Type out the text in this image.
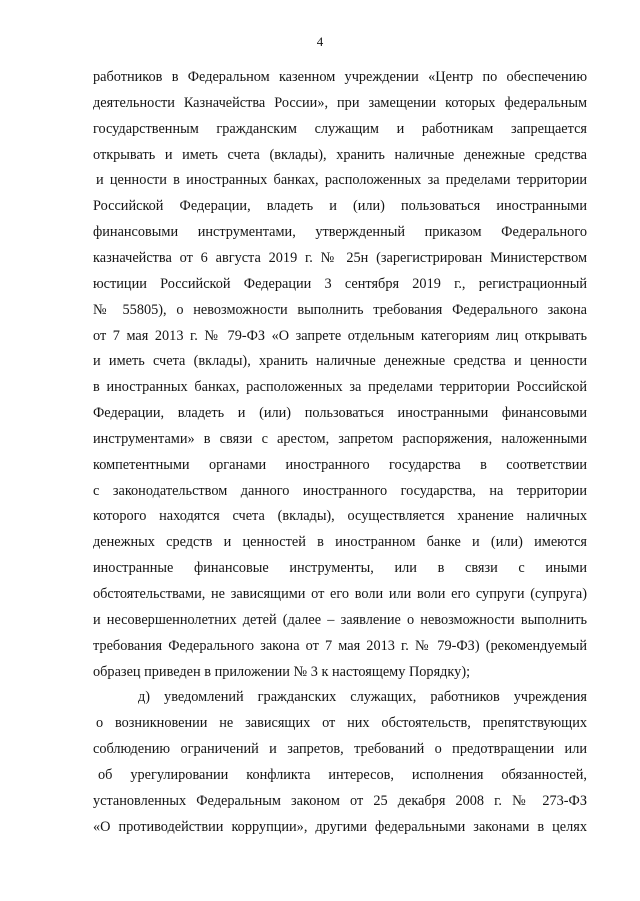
4
работников в Федеральном казенном учреждении «Центр по обеспечению
деятельности Казначейства России», при замещении которых федеральным
государственным гражданским служащим и работникам запрещается
открывать и иметь счета (вклады), хранить наличные денежные средства
и ценности в иностранных банках, расположенных за пределами территории
Российской Федерации, владеть и (или) пользоваться иностранными
финансовыми инструментами, утвержденный приказом Федерального
казначейства от 6 августа 2019 г. № 25н (зарегистрирован Министерством
юстиции Российской Федерации 3 сентября 2019 г., регистрационный
№ 55805), о невозможности выполнить требования Федерального закона
от 7 мая 2013 г. № 79-ФЗ «О запрете отдельным категориям лиц открывать
и иметь счета (вклады), хранить наличные денежные средства и ценности
в иностранных банках, расположенных за пределами территории Российской
Федерации, владеть и (или) пользоваться иностранными финансовыми
инструментами» в связи с арестом, запретом распоряжения, наложенными
компетентными органами иностранного государства в соответствии
с законодательством данного иностранного государства, на территории
которого находятся счета (вклады), осуществляется хранение наличных
денежных средств и ценностей в иностранном банке и (или) имеются
иностранные финансовые инструменты, или в связи с иными
обстоятельствами, не зависящими от его воли или воли его супруги (супруга)
и несовершеннолетних детей (далее – заявление о невозможности выполнить
требования Федерального закона от 7 мая 2013 г. № 79-ФЗ) (рекомендуемый
образец приведен в приложении № 3 к настоящему Порядку);
д) уведомлений гражданских служащих, работников учреждения
о возникновении не зависящих от них обстоятельств, препятствующих
соблюдению ограничений и запретов, требований о предотвращении или
об урегулировании конфликта интересов, исполнения обязанностей,
установленных Федеральным законом от 25 декабря 2008 г. № 273-ФЗ
«О противодействии коррупции», другими федеральными законами в целях
